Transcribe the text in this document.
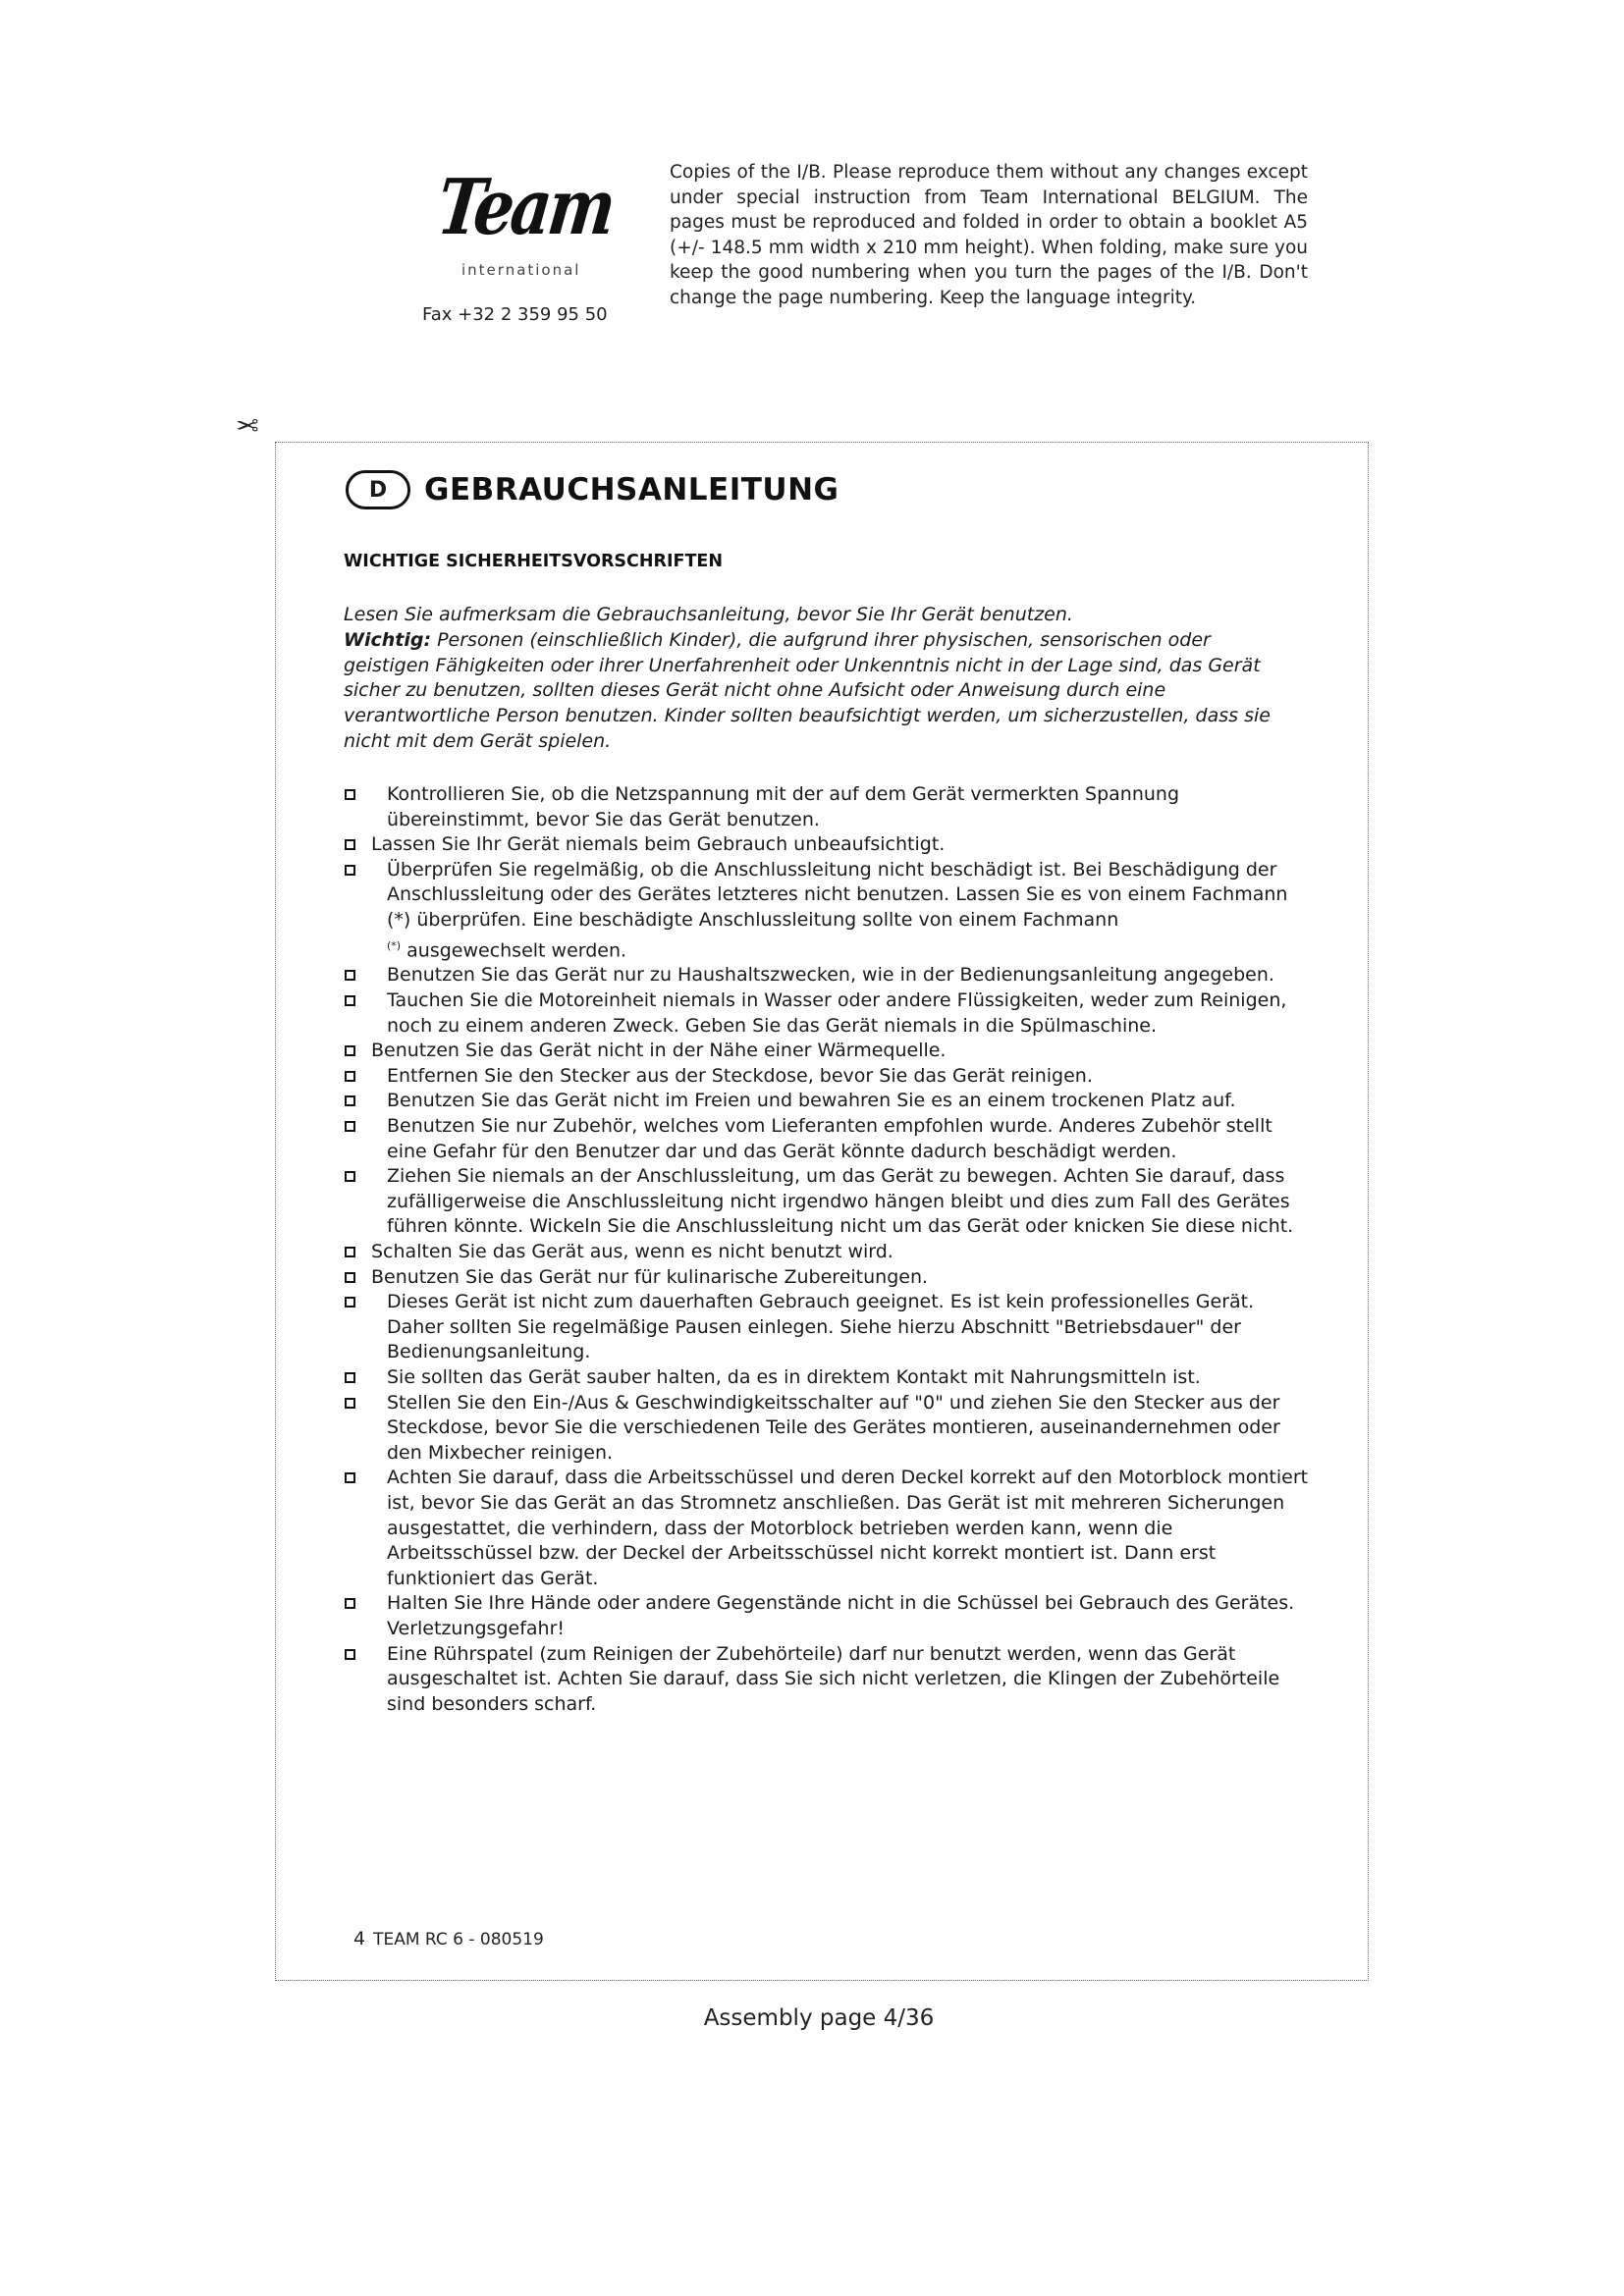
Team
international
Fax +32 2 359 95 50
Copies of the I/B. Please reproduce them without any changes except under special instruction from Team International BELGIUM. The pages must be reproduced and folded in order to obtain a booklet A5 (+/- 148.5 mm width x 210 mm height). When folding, make sure you keep the good numbering when you turn the pages of the I/B. Don't change the page numbering. Keep the language integrity.
✂
D	GEBRAUCHSANLEITUNG
WICHTIGE SICHERHEITSVORSCHRIFTEN
Lesen Sie aufmerksam die Gebrauchsanleitung, bevor Sie Ihr Gerät benutzen.
Wichtig: Personen (einschließlich Kinder), die aufgrund ihrer physischen, sensorischen oder geistigen Fähigkeiten oder ihrer Unerfahrenheit oder Unkenntnis nicht in der Lage sind, das Gerät sicher zu benutzen, sollten dieses Gerät nicht ohne Aufsicht oder Anweisung durch eine verantwortliche Person benutzen. Kinder sollten beaufsichtigt werden, um sicherzustellen, dass sie nicht mit dem Gerät spielen.
Kontrollieren Sie, ob die Netzspannung mit der auf dem Gerät vermerkten Spannung übereinstimmt, bevor Sie das Gerät benutzen.
Lassen Sie Ihr Gerät niemals beim Gebrauch unbeaufsichtigt.
Überprüfen Sie regelmäßig, ob die Anschlussleitung nicht beschädigt ist. Bei Beschädigung der Anschlussleitung oder des Gerätes letzteres nicht benutzen. Lassen Sie es von einem Fachmann (*) überprüfen. Eine beschädigte Anschlussleitung sollte von einem Fachmann
(*) ausgewechselt werden.
Benutzen Sie das Gerät nur zu Haushaltszwecken, wie in der Bedienungsanleitung angegeben.
Tauchen Sie die Motoreinheit niemals in Wasser oder andere Flüssigkeiten, weder zum Reinigen, noch zu einem anderen Zweck. Geben Sie das Gerät niemals in die Spülmaschine.
Benutzen Sie das Gerät nicht in der Nähe einer Wärmequelle.
Entfernen Sie den Stecker aus der Steckdose, bevor Sie das Gerät reinigen.
Benutzen Sie das Gerät nicht im Freien und bewahren Sie es an einem trockenen Platz auf.
Benutzen Sie nur Zubehör, welches vom Lieferanten empfohlen wurde. Anderes Zubehör stellt eine Gefahr für den Benutzer dar und das Gerät könnte dadurch beschädigt werden.
Ziehen Sie niemals an der Anschlussleitung, um das Gerät zu bewegen. Achten Sie darauf, dass zufälligerweise die Anschlussleitung nicht irgendwo hängen bleibt und dies zum Fall des Gerätes führen könnte. Wickeln Sie die Anschlussleitung nicht um das Gerät oder knicken Sie diese nicht.
Schalten Sie das Gerät aus, wenn es nicht benutzt wird.
Benutzen Sie das Gerät nur für kulinarische Zubereitungen.
Dieses Gerät ist nicht zum dauerhaften Gebrauch geeignet. Es ist kein professionelles Gerät. Daher sollten Sie regelmäßige Pausen einlegen. Siehe hierzu Abschnitt "Betriebsdauer" der Bedienungsanleitung.
Sie sollten das Gerät sauber halten, da es in direktem Kontakt mit Nahrungsmitteln ist.
Stellen Sie den Ein-/Aus & Geschwindigkeitsschalter auf "0" und ziehen Sie den Stecker aus der Steckdose, bevor Sie die verschiedenen Teile des Gerätes montieren, auseinandernehmen oder den Mixbecher reinigen.
Achten Sie darauf, dass die Arbeitsschüssel und deren Deckel korrekt auf den Motorblock montiert ist, bevor Sie das Gerät an das Stromnetz anschließen. Das Gerät ist mit mehreren Sicherungen ausgestattet, die verhindern, dass der Motorblock betrieben werden kann, wenn die Arbeitsschüssel bzw. der Deckel der Arbeitsschüssel nicht korrekt montiert ist. Dann erst funktioniert das Gerät.
Halten Sie Ihre Hände oder andere Gegenstände nicht in die Schüssel bei Gebrauch des Gerätes. Verletzungsgefahr!
Eine Rührspatel (zum Reinigen der Zubehörteile) darf nur benutzt werden, wenn das Gerät ausgeschaltet ist. Achten Sie darauf, dass Sie sich nicht verletzen, die Klingen der Zubehörteile sind besonders scharf.
4 TEAM RC 6 - 080519
Assembly page 4/36
